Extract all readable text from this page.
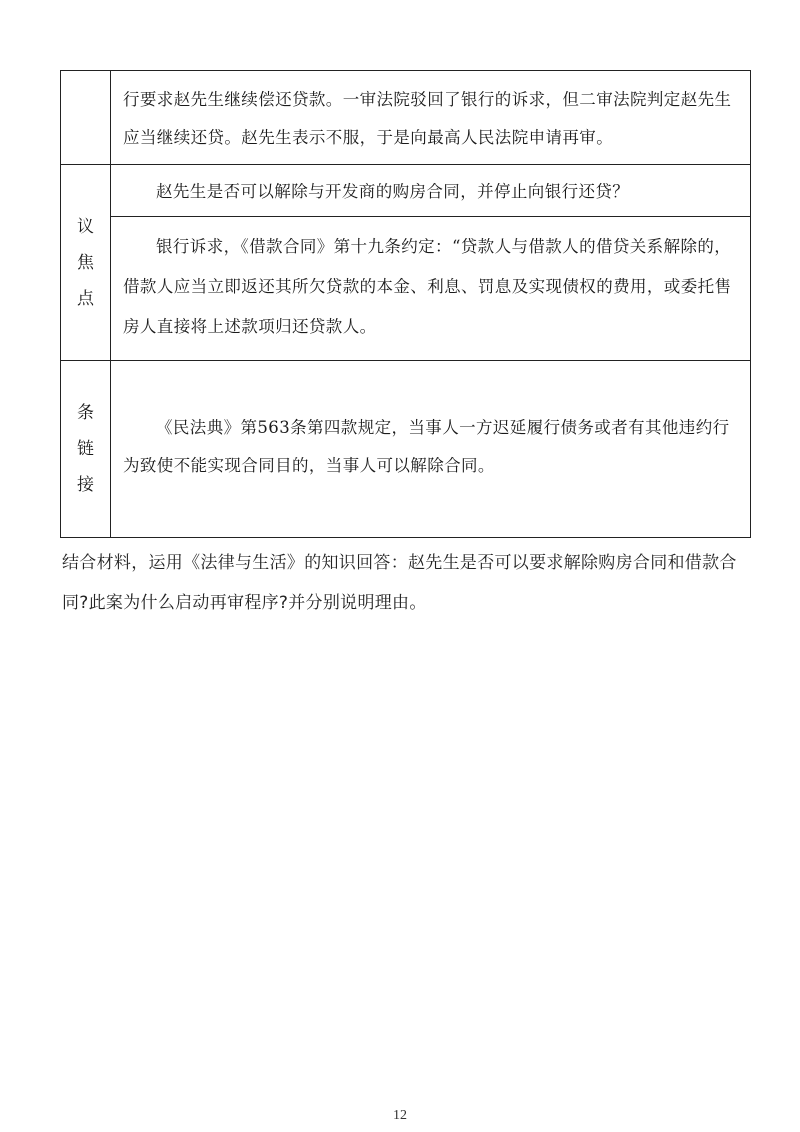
行要求赵先生继续偿还贷款。一审法院驳回了银行的诉求，但二审法院判定赵先生应当继续还贷。赵先生表示不服，于是向最高人民法院申请再审。

议
焦
点

赵先生是否可以解除与开发商的购房合同，并停止向银行还贷？

银行诉求，《借款合同》第十九条约定：“贷款人与借款人的借贷关系解除的，借款人应当立即返还其所欠贷款的本金、利息、罚息及实现债权的费用，或委托售房人直接将上述款项归还贷款人。

条
链
接

《民法典》第563条第四款规定，当事人一方迟延履行债务或者有其他违约行为致使不能实现合同目的，当事人可以解除合同。

结合材料，运用《法律与生活》的知识回答：赵先生是否可以要求解除购房合同和借款合同?此案为什么启动再审程序?并分别说明理由。

12
